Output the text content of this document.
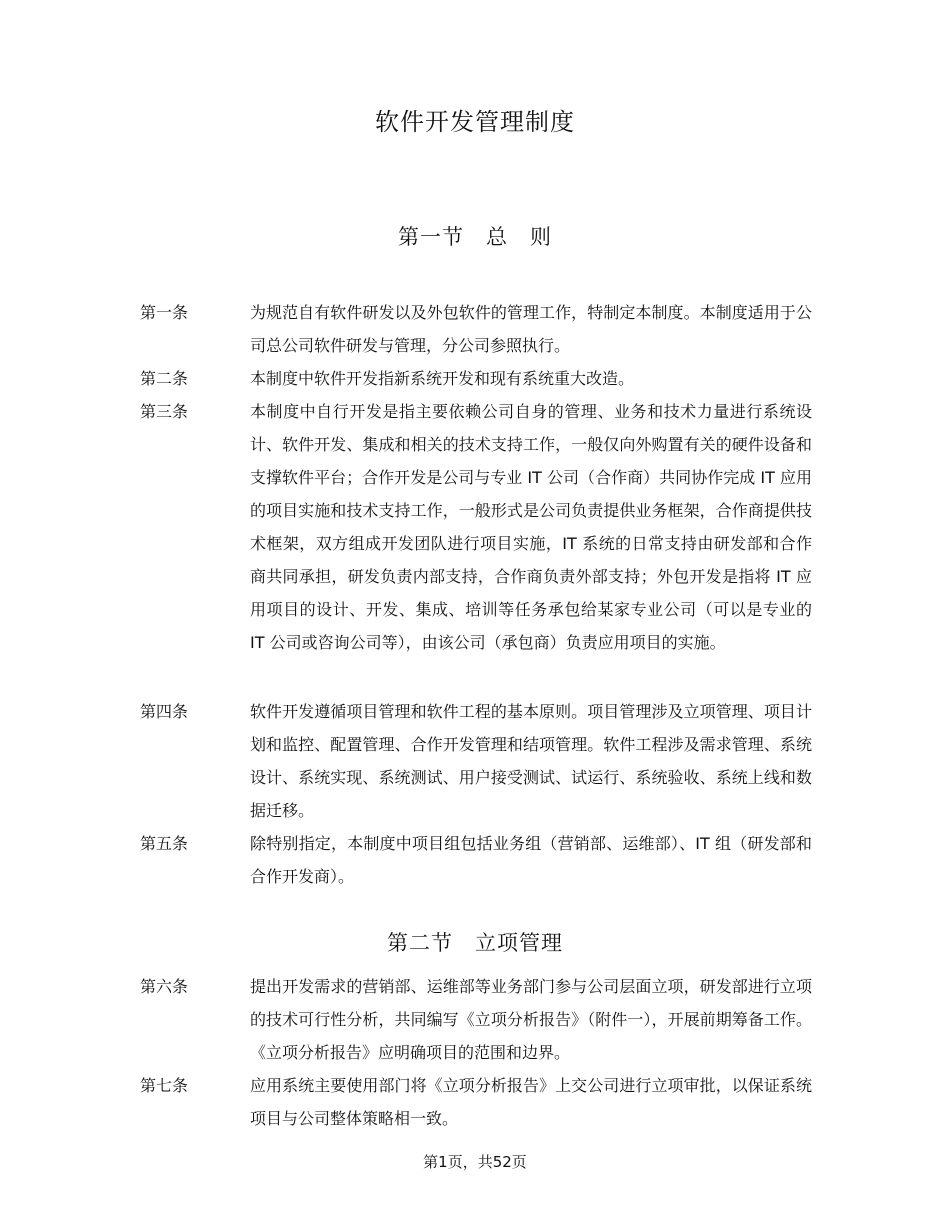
软件开发管理制度
第一节　总　则
第一条	为规范自有软件研发以及外包软件的管理工作，特制定本制度。本制度适用于公司总公司软件研发与管理，分公司参照执行。
第二条	本制度中软件开发指新系统开发和现有系统重大改造。
第三条	本制度中自行开发是指主要依赖公司自身的管理、业务和技术力量进行系统设计、软件开发、集成和相关的技术支持工作，一般仅向外购置有关的硬件设备和支撑软件平台；合作开发是公司与专业 IT 公司（合作商）共同协作完成 IT 应用的项目实施和技术支持工作，一般形式是公司负责提供业务框架，合作商提供技术框架，双方组成开发团队进行项目实施，IT 系统的日常支持由研发部和合作商共同承担，研发负责内部支持，合作商负责外部支持；外包开发是指将 IT 应用项目的设计、开发、集成、培训等任务承包给某家专业公司（可以是专业的 IT 公司或咨询公司等），由该公司（承包商）负责应用项目的实施。
第四条	软件开发遵循项目管理和软件工程的基本原则。项目管理涉及立项管理、项目计划和监控、配置管理、合作开发管理和结项管理。软件工程涉及需求管理、系统设计、系统实现、系统测试、用户接受测试、试运行、系统验收、系统上线和数据迁移。
第五条	除特别指定，本制度中项目组包括业务组（营销部、运维部）、IT 组（研发部和合作开发商）。
第二节　立项管理
第六条	提出开发需求的营销部、运维部等业务部门参与公司层面立项，研发部进行立项的技术可行性分析，共同编写《立项分析报告》（附件一），开展前期筹备工作。《立项分析报告》应明确项目的范围和边界。
第七条	应用系统主要使用部门将《立项分析报告》上交公司进行立项审批，以保证系统项目与公司整体策略相一致。
第1页，共52页
